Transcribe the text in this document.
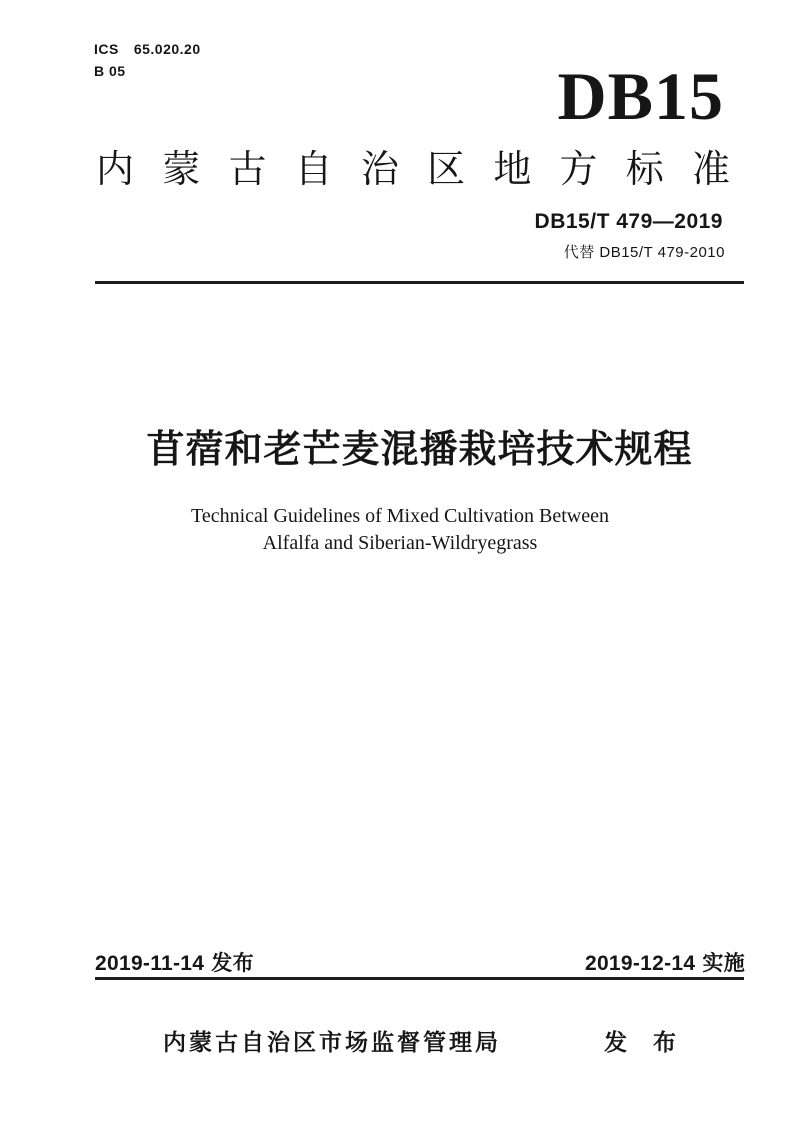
ICS 65.020.20
B 05	DB15
内 蒙 古 自 治 区 地 方 标 准
DB15/T 479—2019
代替 DB15/T 479-2010
苜蓿和老芒麦混播栽培技术规程
Technical Guidelines of Mixed Cultivation Between
Alfalfa and Siberian-Wildryegrass
2019-11-14 发布	2019-12-14 实施
内蒙古自治区市场监督管理局	发布
